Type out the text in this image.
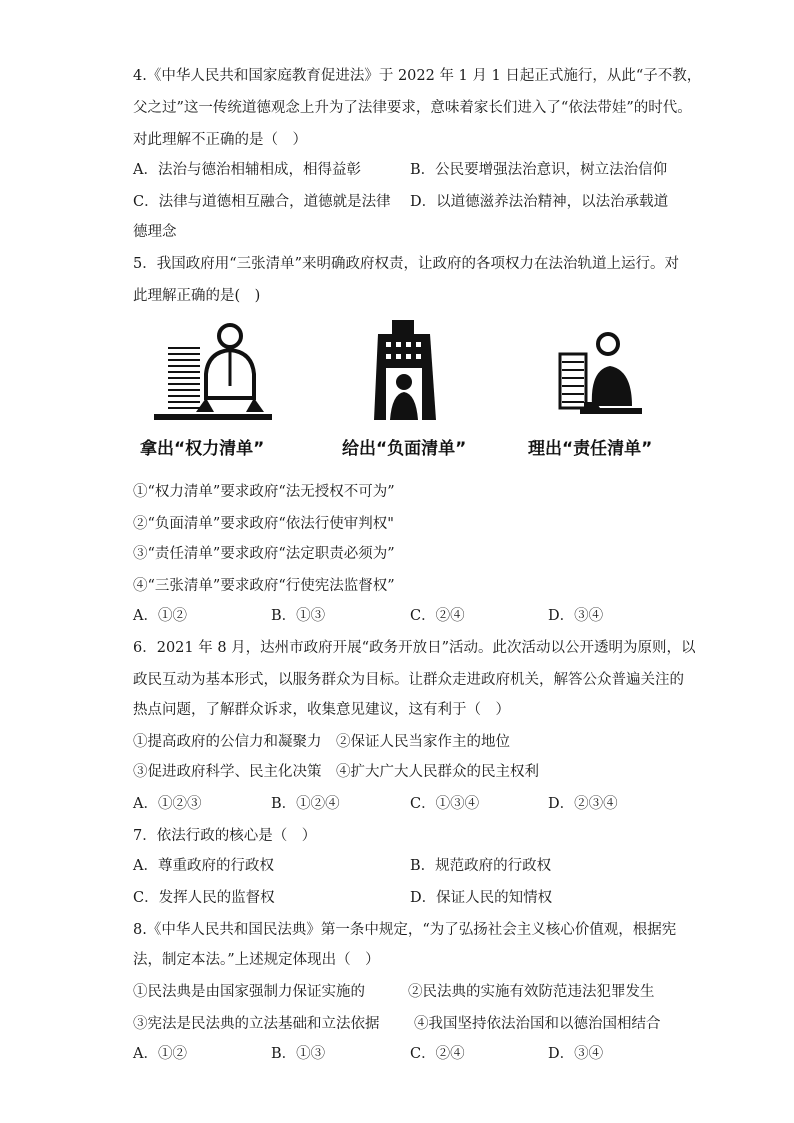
4.《中华人民共和国家庭教育促进法》于 2022 年 1 月 1 日起正式施行，从此“子不教，
父之过”这一传统道德观念上升为了法律要求，意味着家长们进入了“依法带娃”的时代。
对此理解不正确的是（　）
A．法治与德治相辅相成，相得益彰	B．公民要增强法治意识，树立法治信仰
C．法律与道德相互融合，道德就是法律 D．以道德滋养法治精神，以法治承载道
德理念
5．我国政府用“三张清单”来明确政府权责，让政府的各项权力在法治轨道上运行。对
此理解正确的是(　)
拿出“权力清单”	给出“负面清单”	理出“责任清单”
①“权力清单”要求政府“法无授权不可为”
②“负面清单”要求政府“依法行使审判权"
③“责任清单”要求政府“法定职责必须为”
④“三张清单”要求政府“行使宪法监督权”
A．①②	B．①③	C．②④	D．③④
6．2021 年 8 月，达州市政府开展“政务开放日”活动。此次活动以公开透明为原则，以
政民互动为基本形式，以服务群众为目标。让群众走进政府机关，解答公众普遍关注的
热点问题，了解群众诉求，收集意见建议，这有利于（　）
①提高政府的公信力和凝聚力　②保证人民当家作主的地位
③促进政府科学、民主化决策　④扩大广大人民群众的民主权利
A．①②③	B．①②④	C．①③④	D．②③④
7．依法行政的核心是（　）
A．尊重政府的行政权	B．规范政府的行政权
C．发挥人民的监督权	D．保证人民的知情权
8.《中华人民共和国民法典》第一条中规定，“为了弘扬社会主义核心价值观，根据宪
法，制定本法。”上述规定体现出（　）
①民法典是由国家强制力保证实施的	②民法典的实施有效防范违法犯罪发生
③宪法是民法典的立法基础和立法依据 ④我国坚持依法治国和以德治国相结合
A．①②	B．①③	C．②④	D．③④
